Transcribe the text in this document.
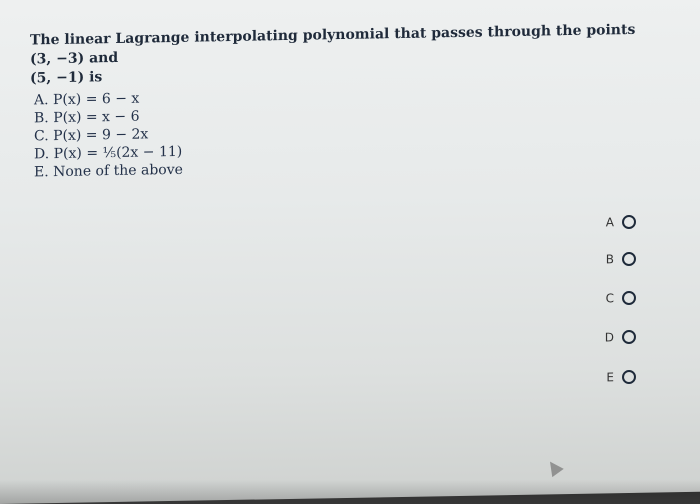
The linear Lagrange interpolating polynomial that passes through the points (3, −3) and
(5, −1) is
A. P(x) = 6 − x
B. P(x) = x − 6
C. P(x) = 9 − 2x
D. P(x) = ⅕(2x − 11)
E. None of the above
A
B
C
D
E
